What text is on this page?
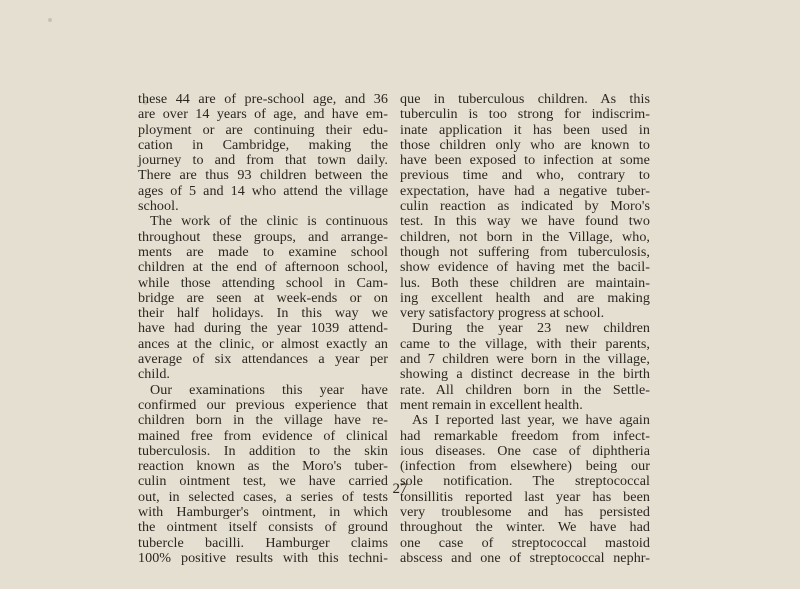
these 44 are of pre-school age, and 36
are over 14 years of age, and have em-
ployment or are continuing their edu-
cation in Cambridge, making the
journey to and from that town daily.
There are thus 93 children between the
ages of 5 and 14 who attend the village
school.
The work of the clinic is continuous
throughout these groups, and arrange-
ments are made to examine school
children at the end of afternoon school,
while those attending school in Cam-
bridge are seen at week-ends or on
their half holidays. In this way we
have had during the year 1039 attend-
ances at the clinic, or almost exactly an
average of six attendances a year per
child.
Our examinations this year have
confirmed our previous experience that
children born in the village have re-
mained free from evidence of clinical
tuberculosis. In addition to the skin
reaction known as the Moro's tuber-
culin ointment test, we have carried
out, in selected cases, a series of tests
with Hamburger's ointment, in which
the ointment itself consists of ground
tubercle bacilli. Hamburger claims
100% positive results with this techni-
que in tuberculous children. As this
tuberculin is too strong for indiscrim-
inate application it has been used in
those children only who are known to
have been exposed to infection at some
previous time and who, contrary to
expectation, have had a negative tuber-
culin reaction as indicated by Moro's
test. In this way we have found two
children, not born in the Village, who,
though not suffering from tuberculosis,
show evidence of having met the bacil-
lus. Both these children are maintain-
ing excellent health and are making
very satisfactory progress at school.
During the year 23 new children
came to the village, with their parents,
and 7 children were born in the village,
showing a distinct decrease in the birth
rate. All children born in the Settle-
ment remain in excellent health.
As I reported last year, we have again
had remarkable freedom from infect-
ious diseases. One case of diphtheria
(infection from elsewhere) being our
sole notification. The streptococcal
tonsillitis reported last year has been
very troublesome and has persisted
throughout the winter. We have had
one case of streptococcal mastoid
abscess and one of streptococcal nephr-
27
